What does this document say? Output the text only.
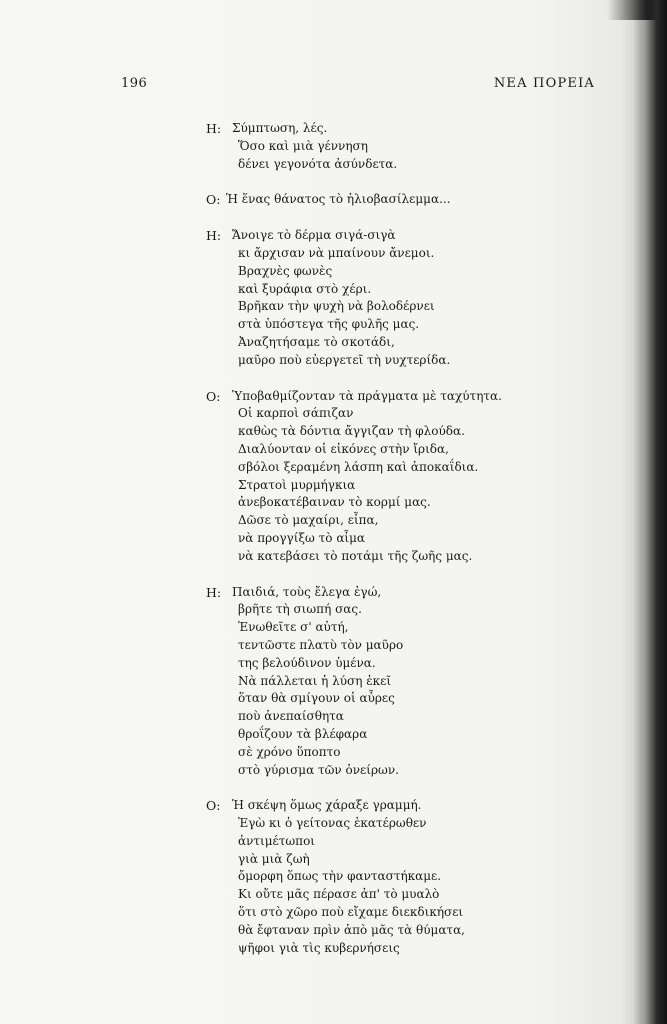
196	ΝΕΑ ΠΟΡΕΙΑ
Η: Σύμπτωση, λές.
Ὅσο καὶ μιὰ γέννηση
δένει γεγονότα ἀσύνδετα.
Ο: Ἡ ἕνας θάνατος τὸ ἡλιοβασίλεμμα...
Η: Ἄνοιγε τὸ δέρμα σιγά-σιγὰ
κι ἄρχισαν νὰ μπαίνουν ἄνεμοι.
Βραχνὲς φωνὲς
καὶ ξυράφια στὸ χέρι.
Βρῆκαν τὴν ψυχὴ νὰ βολοδέρνει
στὰ ὑπόστεγα τῆς φυλῆς μας.
Ἀναζητήσαμε τὸ σκοτάδι,
μαῦρο ποὺ εὐεργετεῖ τὴ νυχτερίδα.
Ο: Ὑποβαθμίζονταν τὰ πράγματα μὲ ταχύτητα.
Οἱ καρποὶ σάπιζαν
καθὼς τὰ δόντια ἄγγιζαν τὴ φλούδα.
Διαλύονταν οἱ εἰκόνες στὴν ἴριδα,
σβόλοι ξεραμένη λάσπη καὶ ἀποκαΐδια.
Στρατοὶ μυρμήγκια
ἀνεβοκατέβαιναν τὸ κορμί μας.
Δῶσε τὸ μαχαίρι, εἶπα,
νὰ προγγίξω τὸ αἷμα
νὰ κατεβάσει τὸ ποτάμι τῆς ζωῆς μας.
Η: Παιδιά, τοὺς ἔλεγα ἐγώ,
βρῆτε τὴ σιωπή σας.
Ἐνωθεῖτε σ' αὐτή,
τεντῶστε πλατὺ τὸν μαῦρο
της βελούδινον ὑμένα.
Νὰ πάλλεται ἡ λύση ἐκεῖ
ὅταν θὰ σμίγουν οἱ αὖρες
ποὺ ἀνεπαίσθητα
θροΐζουν τὰ βλέφαρα
σὲ χρόνο ὕποπτο
στὸ γύρισμα τῶν ὀνείρων.
Ο: Ἡ σκέψη ὅμως χάραξε γραμμή.
Ἐγὼ κι ὁ γείτονας ἑκατέρωθεν
ἀντιμέτωποι
γιὰ μιὰ ζωὴ
ὄμορφη ὅπως τὴν φανταστήκαμε.
Κι οὔτε μᾶς πέρασε ἀπ' τὸ μυαλὸ
ὅτι στὸ χῶρο ποὺ εἴχαμε διεκδικήσει
θὰ ἔφταναν πρὶν ἀπὸ μᾶς τὰ θύματα,
ψῆφοι γιὰ τὶς κυβερνήσεις
